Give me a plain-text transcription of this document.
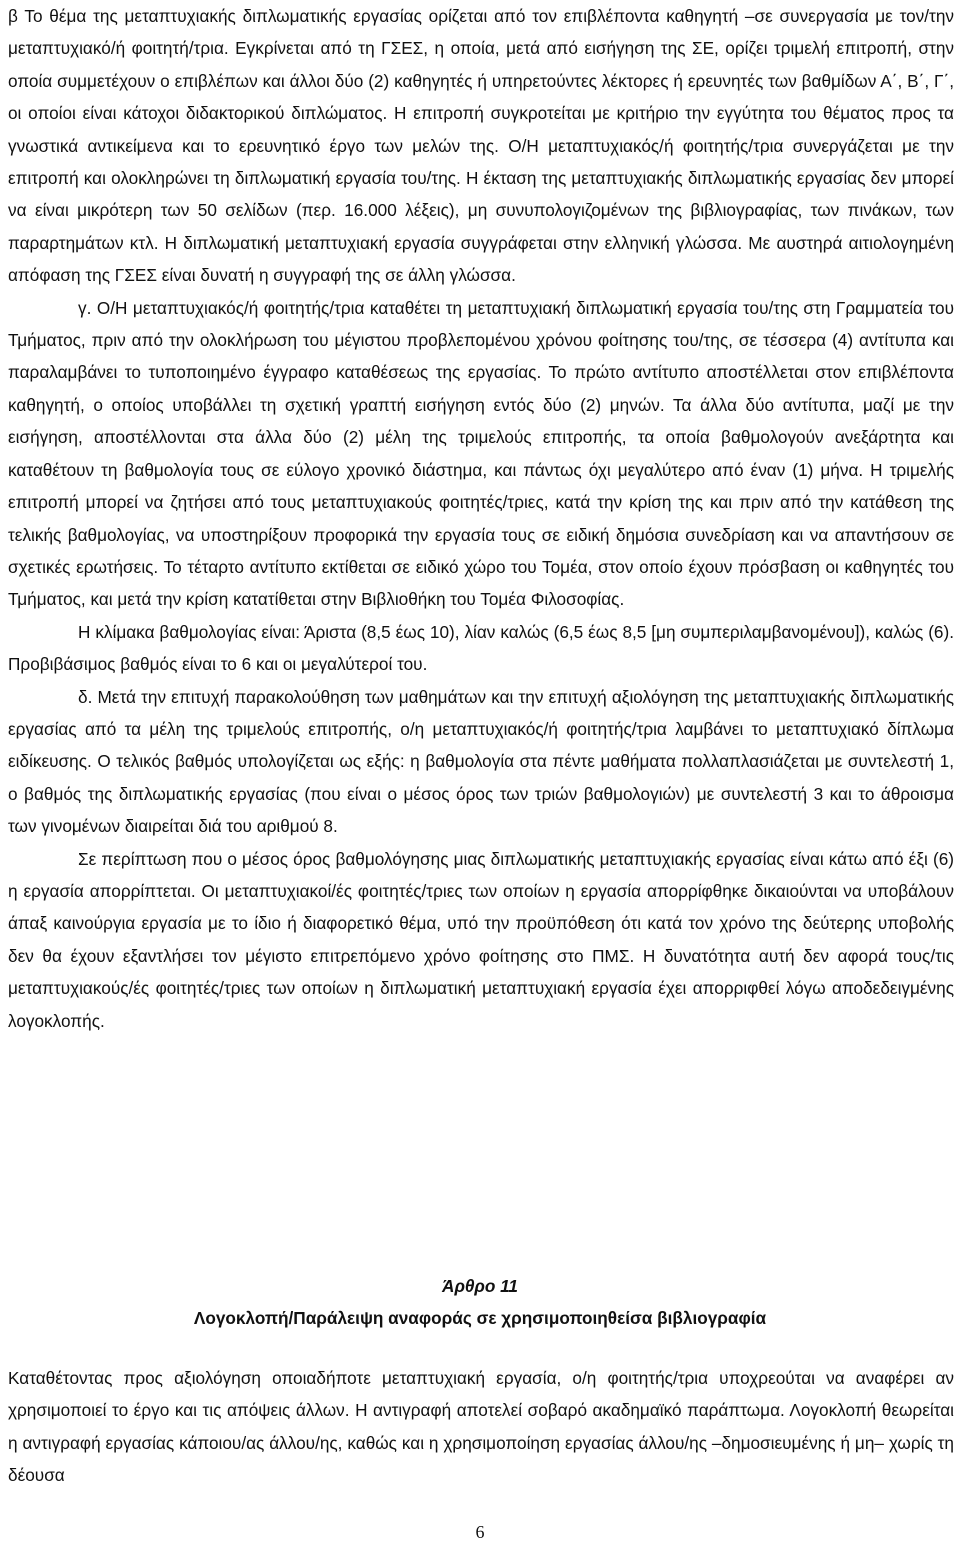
β Το θέμα της μεταπτυχιακής διπλωματικής εργασίας ορίζεται από τον επιβλέποντα καθηγητή –σε συνεργασία με τον/την μεταπτυχιακό/ή φοιτητή/τρια. Εγκρίνεται από τη ΓΣΕΣ, η οποία, μετά από εισήγηση της ΣΕ, ορίζει τριμελή επιτροπή, στην οποία συμμετέχουν ο επιβλέπων και άλλοι δύο (2) καθηγητές ή υπηρετούντες λέκτορες ή ερευνητές των βαθμίδων Α΄, Β΄, Γ΄, οι οποίοι είναι κάτοχοι διδακτορικού διπλώματος. Η επιτροπή συγκροτείται με κριτήριο την εγγύτητα του θέματος προς τα γνωστικά αντικείμενα και το ερευνητικό έργο των μελών της. Ο/Η μεταπτυχιακός/ή φοιτητής/τρια συνεργάζεται με την επιτροπή και ολοκληρώνει τη διπλωματική εργασία του/της. Η έκταση της μεταπτυχιακής διπλωματικής εργασίας δεν μπορεί να είναι μικρότερη των 50 σελίδων (περ. 16.000 λέξεις), μη συνυπολογιζομένων της βιβλιογραφίας, των πινάκων, των παραρτημάτων κτλ. Η διπλωματική μεταπτυχιακή εργασία συγγράφεται στην ελληνική γλώσσα. Με αυστηρά αιτιολογημένη απόφαση της ΓΣΕΣ είναι δυνατή η συγγραφή της σε άλλη γλώσσα.

γ. Ο/Η μεταπτυχιακός/ή φοιτητής/τρια καταθέτει τη μεταπτυχιακή διπλωματική εργασία του/της στη Γραμματεία του Τμήματος, πριν από την ολοκλήρωση του μέγιστου προβλεπομένου χρόνου φοίτησης του/της, σε τέσσερα (4) αντίτυπα και παραλαμβάνει το τυποποιημένο έγγραφο καταθέσεως της εργασίας. Το πρώτο αντίτυπο αποστέλλεται στον επιβλέποντα καθηγητή, ο οποίος υποβάλλει τη σχετική γραπτή εισήγηση εντός δύο (2) μηνών. Τα άλλα δύο αντίτυπα, μαζί με την εισήγηση, αποστέλλονται στα άλλα δύο (2) μέλη της τριμελούς επιτροπής, τα οποία βαθμολογούν ανεξάρτητα και καταθέτουν τη βαθμολογία τους σε εύλογο χρονικό διάστημα, και πάντως όχι μεγαλύτερο από έναν (1) μήνα. Η τριμελής επιτροπή μπορεί να ζητήσει από τους μεταπτυχιακούς φοιτητές/τριες, κατά την κρίση της και πριν από την κατάθεση της τελικής βαθμολογίας, να υποστηρίξουν προφορικά την εργασία τους σε ειδική δημόσια συνεδρίαση και να απαντήσουν σε σχετικές ερωτήσεις. Το τέταρτο αντίτυπο εκτίθεται σε ειδικό χώρο του Τομέα, στον οποίο έχουν πρόσβαση οι καθηγητές του Τμήματος, και μετά την κρίση κατατίθεται στην Βιβλιοθήκη του Τομέα Φιλοσοφίας.

Η κλίμακα βαθμολογίας είναι: Άριστα (8,5 έως 10), λίαν καλώς (6,5 έως 8,5 [μη συμπεριλαμβανομένου]), καλώς (6). Προβιβάσιμος βαθμός είναι το 6 και οι μεγαλύτεροί του.

δ. Μετά την επιτυχή παρακολούθηση των μαθημάτων και την επιτυχή αξιολόγηση της μεταπτυχιακής διπλωματικής εργασίας από τα μέλη της τριμελούς επιτροπής, ο/η μεταπτυχιακός/ή φοιτητής/τρια λαμβάνει το μεταπτυχιακό δίπλωμα ειδίκευσης. Ο τελικός βαθμός υπολογίζεται ως εξής: η βαθμολογία στα πέντε μαθήματα πολλαπλασιάζεται με συντελεστή 1, ο βαθμός της διπλωματικής εργασίας (που είναι ο μέσος όρος των τριών βαθμολογιών) με συντελεστή 3 και το άθροισμα των γινομένων διαιρείται διά του αριθμού 8.

Σε περίπτωση που ο μέσος όρος βαθμολόγησης μιας διπλωματικής μεταπτυχιακής εργασίας είναι κάτω από έξι (6) η εργασία απορρίπτεται. Οι μεταπτυχιακοί/ές φοιτητές/τριες των οποίων η εργασία απορρίφθηκε δικαιούνται να υποβάλουν άπαξ καινούργια εργασία με το ίδιο ή διαφορετικό θέμα, υπό την προϋπόθεση ότι κατά τον χρόνο της δεύτερης υποβολής δεν θα έχουν εξαντλήσει τον μέγιστο επιτρεπόμενο χρόνο φοίτησης στο ΠΜΣ. Η δυνατότητα αυτή δεν αφορά τους/τις μεταπτυχιακούς/ές φοιτητές/τριες των οποίων η διπλωματική μεταπτυχιακή εργασία έχει απορριφθεί λόγω αποδεδειγμένης λογοκλοπής.

Άρθρο 11
Λογοκλοπή/Παράλειψη αναφοράς σε χρησιμοποιηθείσα βιβλιογραφία

Καταθέτοντας προς αξιολόγηση οποιαδήποτε μεταπτυχιακή εργασία, ο/η φοιτητής/τρια υποχρεούται να αναφέρει αν χρησιμοποιεί το έργο και τις απόψεις άλλων. Η αντιγραφή αποτελεί σοβαρό ακαδημαϊκό παράπτωμα. Λογοκλοπή θεωρείται η αντιγραφή εργασίας κάποιου/ας άλλου/ης, καθώς και η χρησιμοποίηση εργασίας άλλου/ης –δημοσιευμένης ή μη– χωρίς τη δέουσα

6
